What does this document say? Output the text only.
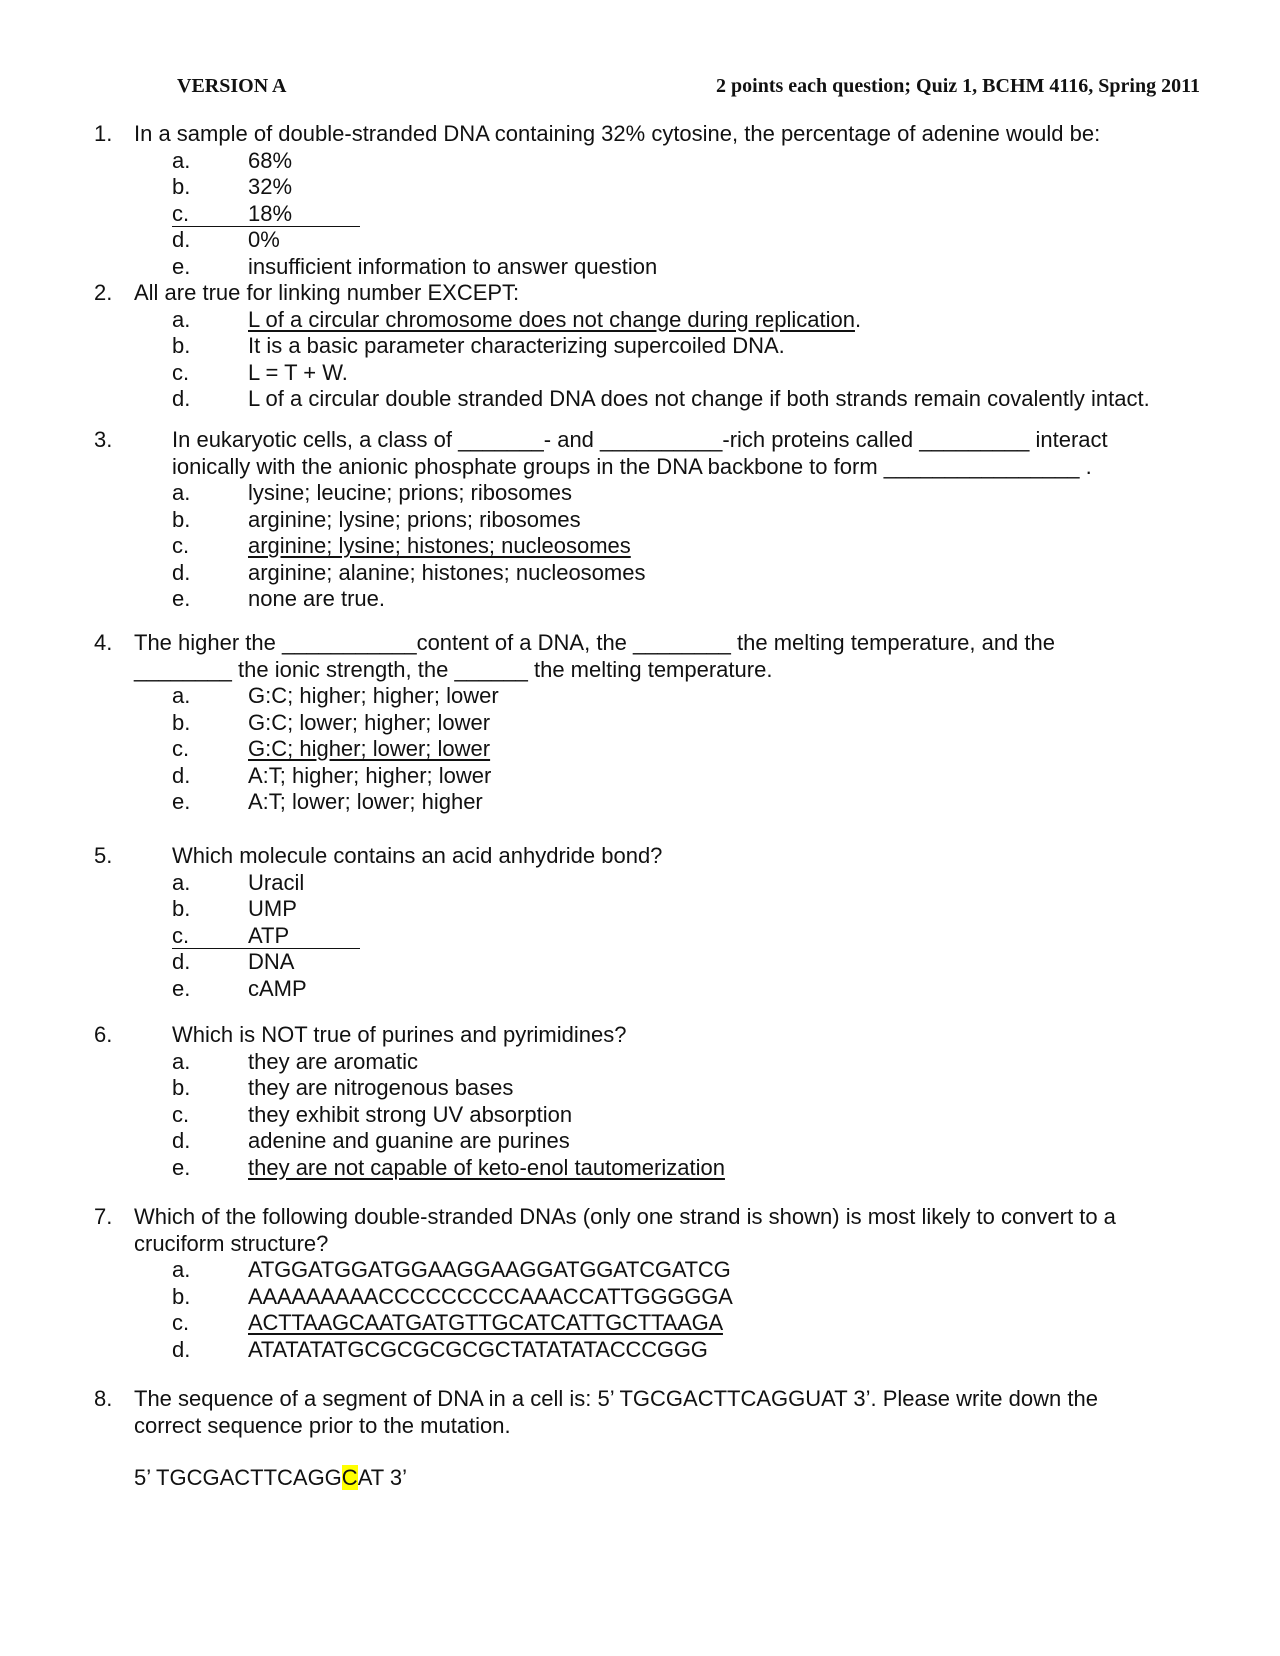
VERSION A	2 points each question; Quiz 1, BCHM 4116, Spring 2011
1. In a sample of double-stranded DNA containing 32% cytosine, the percentage of adenine would be:
a.	68%
b.	32%
c.	18%
d.	0%
e.	insufficient information to answer question
2. All are true for linking number EXCEPT:
a.	L of a circular chromosome does not change during replication.
b.	It is a basic parameter characterizing supercoiled DNA.
c.	L = T + W.
d.	L of a circular double stranded DNA does not change if both strands remain covalently intact.
3.	In eukaryotic cells, a class of _______- and __________-rich proteins called _________ interact
ionically with the anionic phosphate groups in the DNA backbone to form ________________ .
a.	lysine; leucine; prions; ribosomes
b.	arginine; lysine; prions; ribosomes
c.	arginine; lysine; histones; nucleosomes
d.	arginine; alanine; histones; nucleosomes
e.	none are true.
4. The higher the ___________content of a DNA, the ________ the melting temperature, and the
________ the ionic strength, the ______ the melting temperature.
a.	G:C; higher; higher; lower
b.	G:C; lower; higher; lower
c.	G:C; higher; lower; lower
d.	A:T; higher; higher; lower
e.	A:T; lower; lower; higher
5.	Which molecule contains an acid anhydride bond?
a.	Uracil
b.	UMP
c.	ATP
d.	DNA
e.	cAMP
6.	Which is NOT true of purines and pyrimidines?
a.	they are aromatic
b.	they are nitrogenous bases
c.	they exhibit strong UV absorption
d.	adenine and guanine are purines
e.	they are not capable of keto-enol tautomerization
7. Which of the following double-stranded DNAs (only one strand is shown) is most likely to convert to a
cruciform structure?
a.	ATGGATGGATGGAAGGAAGGATGGATCGATCG
b.	AAAAAAAAACCCCCCCCCAAACCATTGGGGGA
c.	ACTTAAGCAATGATGTTGCATCATTGCTTAAGA
d.	ATATATATGCGCGCGCGCTATATATACCCGGG
8. The sequence of a segment of DNA in a cell is: 5’ TGCGACTTCAGGUAT 3’. Please write down the
correct sequence prior to the mutation.
5’ TGCGACTTCAGGCAT 3’
